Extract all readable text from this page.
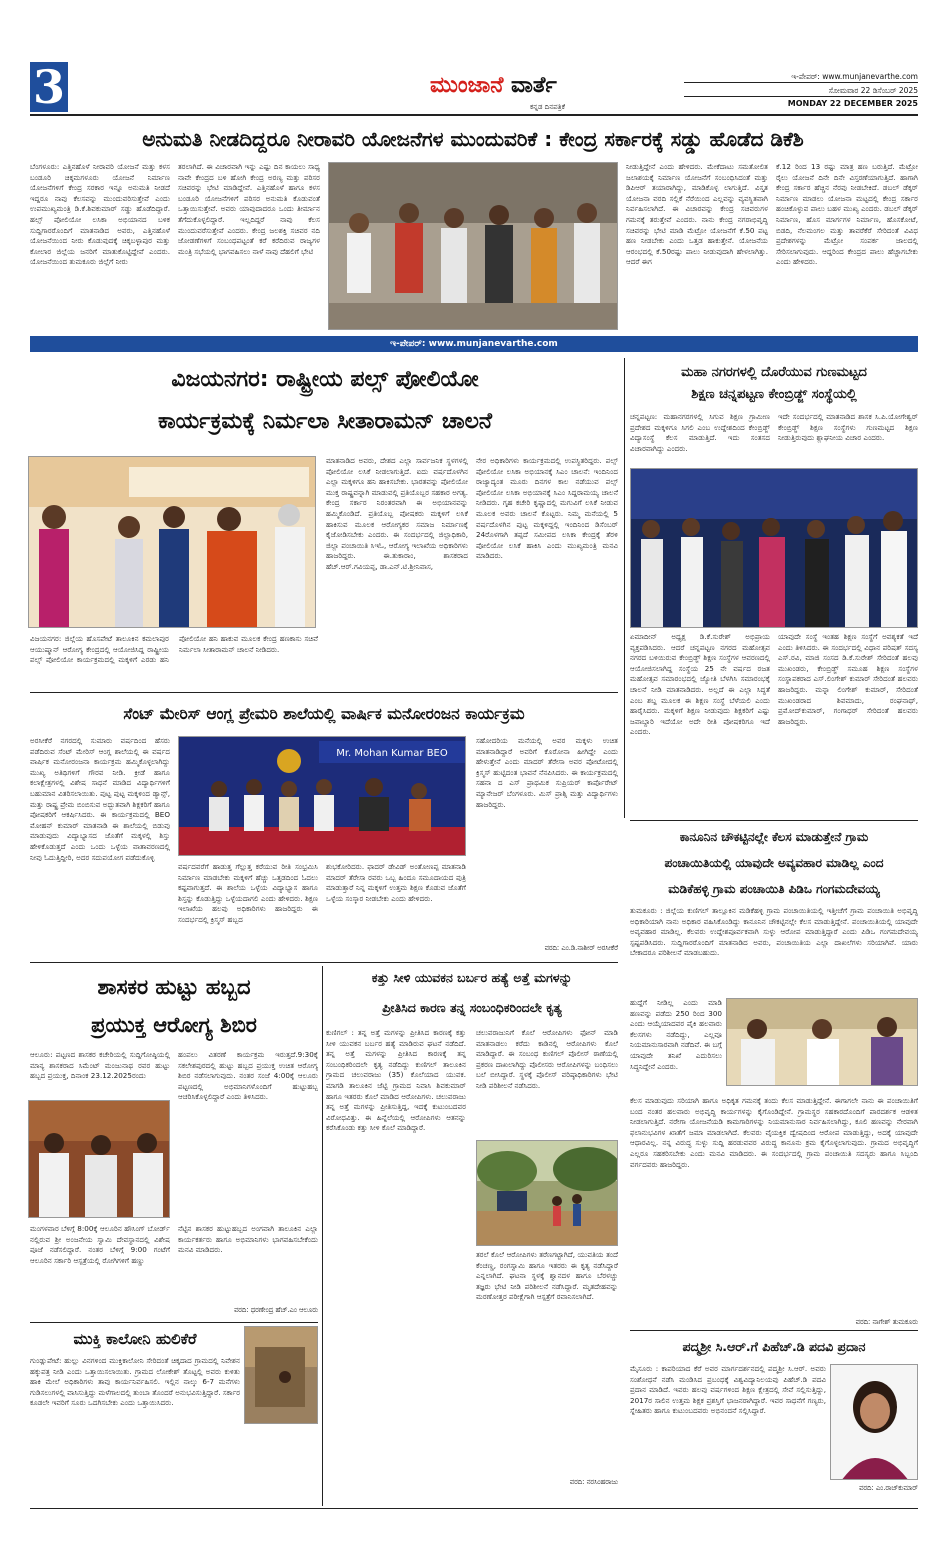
3	ಮುಂಜಾನೆ ವಾರ್ತೆ
ಕನ್ನಡ ದಿನಪತ್ರಿಕೆ
ಇ-ಪೇಪರ್: www.munjanevarthe.com
ಸೋಮವಾರ 22 ಡಿಸೆಂಬರ್ 2025
MONDAY 22 DECEMBER 2025
ಅನುಮತಿ ನೀಡದಿದ್ದರೂ ನೀರಾವರಿ ಯೋಜನೆಗಳ ಮುಂದುವರಿಕೆ : ಕೇಂದ್ರ ಸರ್ಕಾರಕ್ಕೆ ಸಡ್ಡು ಹೊಡೆದ ಡಿಕೆಶಿ
ಬೆಂಗಳೂರು: ಎತ್ತಿನಹೊಳೆ ನೀರಾವರಿ ಯೋಜನೆ ಮತ್ತು ಕಳಸ ಬಂಡೂರಿ ಚಿಕ್ಕಮಗಳೂರು ಯೋಜನೆ ನಿರ್ಮಾಣ ಯೋಜನೆಗಳಿಗೆ ಕೇಂದ್ರ ಸರಕಾರ ಇನ್ನೂ ಅನುಮತಿ ನೀಡದೆ ಇದ್ದರೂ ನಾವು ಕೆಲಸವನ್ನು ಮುಂದುವರಿಸುತ್ತೇವೆ ಎಂದು ಉಪಮುಖ್ಯಮಂತ್ರಿ ಡಿ.ಕೆ.ಶಿವಕುಮಾರ್ ಸಡ್ಡು ಹೊಡೆದಿದ್ದಾರೆ. ಹಲ್ಸ್ ಪೋಲಿಯೋ ಲಸಿಕಾ ಅಭಿಯಾನದ ಬಳಿಕ ಸುದ್ದಿಗಾರರೊಂದಿಗೆ ಮಾತನಾಡಿದ ಅವರು, ಎತ್ತಿನಹೊಳೆ ಯೋಜನೆಯಿಂದ ನೀರು ಕೊಡುವುದಕ್ಕೆ ಚಿಕ್ಕಬಳ್ಳಾಪುರ ಮತ್ತು ಕೋಲಾರ ಜಿಲ್ಲೆಯ ಜನರಿಗೆ ಮಾತುಕೊಟ್ಟಿದ್ದೇವೆ ಎಂದರು. ಯೋಜನೆಯಿಂದ ತುಮಕೂರು ಜಿಲ್ಲೆಗೆ ನೀರು
ತರಲಾಗಿದೆ. ಈ ವಿಚಾರವಾಗಿ ಇನ್ನು ಎಷ್ಟು ದಿನ ಕಾಯಲು ಸಾಧ್ಯ ನಾವೇ ಕೇಂದ್ರದ ಬಳಿ ಹೋಗಿ ಕೇಂದ್ರ ಅರಣ್ಯ ಮತ್ತು ಪರಿಸರ ಸಚಿವರನ್ನು ಭೇಟಿ ಮಾಡಿದ್ದೇವೆ. ಎತ್ತಿನಹೊಳೆ ಹಾಗೂ ಕಳಸ ಬಂಡೂರಿ ಯೋಜನೆಗಳಿಗೆ ಪರಿಸರ ಅನುಮತಿ ಕೊಡುವಂತೆ ಒತ್ತಾಯಿಸುತ್ತೇವೆ. ಅವರು ಯಾವುದಾದರೂ ಒಂದು ತೀರ್ಮಾನ ತೆಗೆದುಕೊಳ್ಳಲಿದ್ದಾರೆ. ಇಲ್ಲದಿದ್ದರೆ ನಾವು ಕೆಲಸ ಮುಂದುವರೆಸುತ್ತೇವೆ ಎಂದರು. ಕೇಂದ್ರ ಜಲಶಕ್ತಿ ಸಚಿವರ ನದಿ ಜೋಡಣೆಗಳಿಗೆ ಸಂಬಂಧಪಟ್ಟಂತೆ ಕರೆ ಕರೆದಿರುವ ರಾಜ್ಯಗಳ ಮಂತ್ರಿ ಸಭೆಯಲ್ಲಿ ಭಾಗವಹಿಸಲು ನಾಳೆ ನಾವು ದೆಹಲಿಗೆ ಭೇಟಿ
ನೀಡುತ್ತಿದ್ದೇನೆ ಎಂದು ಹೇಳಿದರು. ಮೇಕೆದಾಟು ಸಮತೋಲಿತ ಜಲಾಶಯಕ್ಕೆ ನಿರ್ಮಾಣ ಯೋಜನೆಗೆ ಸಂಬಂಧಿಸಿದಂತೆ ಮತ್ತು ಡಿಪಿಆರ್ ತಯಾರಾಗಿದ್ದು, ಮಾಡಿಕೊಳ್ಳ ಲಾಗುತ್ತಿದೆ. ವಿಸ್ತೃತ ಯೋಜನಾ ವರದಿ ಸಲ್ಲಿಕೆ ನೆರೆಯಿಂದ ಎಲ್ಲವನ್ನು ವ್ಯವಸ್ಥಿತವಾಗಿ ನಿರ್ವಹಿಸಲಾಗಿದೆ. ಈ ವಿಚಾರವನ್ನು ಕೇಂದ್ರ ಸಚಿವರುಗಳ ಗಮನಕ್ಕೆ ತರುತ್ತೇವೆ ಎಂದರು. ನಾನು ಕೇಂದ್ರ ನಗರಾಭಿವೃದ್ಧಿ ಸಚಿವರನ್ನು ಭೇಟಿ ಮಾಡಿ ಮೆಟ್ರೋ ಯೋಜನೆಗೆ ಕೆ.50 ಪಟ್ಟ ಹಣ ನೀಡಬೇಕು ಎಂದು ಒತ್ತಡ ಹಾಕುತ್ತೇನೆ. ಯೋಜನೆಯ ಆರಂಭದಲ್ಲಿ ಕೆ.50ರಷ್ಟು ಪಾಲು ನೀಡುವುದಾಗಿ ಹೇಳಲಾಗಿತ್ತು. ಆದರೆ ಈಗ
ಕೆ.12 ರಿಂದ 13 ರಷ್ಟು ಮಾತ್ರ ಹಣ ಬರುತ್ತಿದೆ. ಮೆಟ್ರೋ ರೈಲು ಯೋಜನೆ ದಿನೇ ದಿನೇ ವಿಸ್ತರಣೆಯಾಗುತ್ತಿದೆ. ಹಾಗಾಗಿ ಕೇಂದ್ರ ಸರ್ಕಾರ ಹೆಚ್ಚಿನ ನೆರವು ನೀಡಬೇಕಿದೆ. ಡಬಲ್ ಡೆಕ್ಕರ್ ನಿರ್ಮಾಣ ಮಾಡಲು ಯೋಜನಾ ಮಟ್ಟದಲ್ಲಿ ಕೇಂದ್ರ ಸರ್ಕಾರ ಹಂಚಿಕೊಳ್ಳುವ ಪಾಲು ಬಹಳ ಮುಖ್ಯ ಎಂದರು. ಡಬಲ್ ಡೆಕ್ಕರ್ ನಿರ್ಮಾಣ, ಹೊಸ ಮಾರ್ಗಗಳ ನಿರ್ಮಾಣ, ಹೊಸಕೋಟೆ, ಬಿಡದಿ, ನೆಲಮಂಗಲ ಮತ್ತು ತಾವರೆಕೆರೆ ಸೇರಿದಂತೆ ವಿವಿಧ ಪ್ರದೇಶಗಳನ್ನು ಮೆಟ್ರೋ ಸಂಪರ್ಕ ಜಾಲದಲ್ಲಿ ಸೇರಿಸಲಾಗುವುದು. ಆದ್ದರಿಂದ ಕೇಂದ್ರದ ಪಾಲು ಹೆಚ್ಚಾಗಬೇಕು ಎಂದು ಹೇಳಿದರು.
ಇ-ಪೇಪರ್: www.munjanevarthe.com
ವಿಜಯನಗರ: ರಾಷ್ಟ್ರೀಯ ಪಲ್ಸ್ ಪೋಲಿಯೋ
ಕಾರ್ಯಕ್ರಮಕ್ಕೆ ನಿರ್ಮಲಾ ಸೀತಾರಾಮನ್ ಚಾಲನೆ
ಮಾತನಾಡಿದ ಅವರು, ದೇಶದ ಎಲ್ಲಾ ಸಾರ್ವಜನಿಕ ಸ್ಥಳಗಳಲ್ಲಿ ಪೋಲಿಯೋ ಲಸಿಕೆ ನೀಡಲಾಗುತ್ತಿದೆ. ಐದು ವರ್ಷದೊಳಗಿನ ಎಲ್ಲಾ ಮಕ್ಕಳಿಗೂ ಹನಿ ಹಾಕಿಸಬೇಕು. ಭಾರತವನ್ನು ಪೋಲಿಯೋ ಮುಕ್ತ ರಾಷ್ಟ್ರವನ್ನಾಗಿ ಮಾಡುವಲ್ಲಿ ಪ್ರತಿಯೊಬ್ಬರ ಸಹಕಾರ ಅಗತ್ಯ. ಕೇಂದ್ರ ಸರ್ಕಾರ ನಿರಂತರವಾಗಿ ಈ ಅಭಿಯಾನವನ್ನು ಹಮ್ಮಿಕೊಂಡಿದೆ. ಪ್ರತಿಯೊಬ್ಬ ಪೋಷಕರು ಮಕ್ಕಳಿಗೆ ಲಸಿಕೆ ಹಾಕಿಸುವ ಮೂಲಕ ಆರೋಗ್ಯಕರ ಸಮಾಜ ನಿರ್ಮಾಣಕ್ಕೆ ಕೈಜೋಡಿಸಬೇಕು ಎಂದರು. ಈ ಸಂದರ್ಭದಲ್ಲಿ ಜಿಲ್ಲಾಧಿಕಾರಿ, ಜಿಲ್ಲಾ ಪಂಚಾಯಿತಿ ಸಿಇಓ, ಆರೋಗ್ಯ ಇಲಾಖೆಯ ಅಧಿಕಾರಿಗಳು ಹಾಜರಿದ್ದರು. ಈ.ತುಕಾರಾಂ, ಶಾಸಕರಾದ ಹೆಚ್.ಆರ್.ಗವಿಯಪ್ಪ, ಡಾ.ಎನ್.ಟಿ.ಶ್ರೀನಿವಾಸ,
ನೇರ ಅಧಿಕಾರಿಗಳು ಕಾರ್ಯಕ್ರಮದಲ್ಲಿ ಉಪಸ್ಥಿತರಿದ್ದರು. ಪಲ್ಸ್ ಪೋಲಿಯೋ ಲಸಿಕಾ ಅಭಿಯಾನಕ್ಕೆ ಸಿಎಂ ಚಾಲನೆ: ಇಂದಿನಿಂದ ರಾಜ್ಯಾದ್ಯಂತ ಮೂರು ದಿನಗಳ ಕಾಲ ನಡೆಯುವ ಪಲ್ಸ್ ಪೋಲಿಯೋ ಲಸಿಕಾ ಅಭಿಯಾನಕ್ಕೆ ಸಿಎಂ ಸಿದ್ದರಾಮಯ್ಯ ಚಾಲನೆ ನೀಡಿದರು. ಗೃಹ ಕಚೇರಿ ಕೃಷ್ಣಾದಲ್ಲಿ ಮಗುವಿಗೆ ಲಸಿಕೆ ನೀಡುವ ಮೂಲಕ ಅವರು ಚಾಲನೆ ಕೊಟ್ಟರು. ನಿಮ್ಮ ಮನೆಯಲ್ಲಿ 5 ವರ್ಷದೊಳಗಿನ ಪುಟ್ಟ ಮಕ್ಕಳಿದ್ದಲ್ಲಿ ಇಂದಿನಿಂದ ಡಿಸೆಂಬರ್ 24ರೊಳಗಾಗಿ ತಪ್ಪದೆ ಸಮೀಪದ ಲಸಿಕಾ ಕೇಂದ್ರಕ್ಕೆ ತೆರಳಿ ಪೋಲಿಯೋ ಲಸಿಕೆ ಹಾಕಿಸಿ ಎಂದು ಮುಖ್ಯಮಂತ್ರಿ ಮನವಿ ಮಾಡಿದರು.
ವಿಜಯನಗರ: ಜಿಲ್ಲೆಯ ಹೊಸಪೇಟೆ ತಾಲೂಕಿನ ಕಮಲಾಪುರ ಆಯುಷ್ಮಾನ್ ಆರೋಗ್ಯ ಕೇಂದ್ರದಲ್ಲಿ ಆಯೋಜಿಸಿದ್ದ ರಾಷ್ಟ್ರೀಯ ಪಲ್ಸ್ ಪೋಲಿಯೋ ಕಾರ್ಯಕ್ರಮದಲ್ಲಿ ಮಕ್ಕಳಿಗೆ ಎರಡು ಹನಿ ಪೋಲಿಯೋ ಹನಿ ಹಾಕುವ ಮೂಲಕ ಕೇಂದ್ರ ಹಣಕಾಸು ಸಚಿವೆ ನಿರ್ಮಲಾ ಸೀತಾರಾಮನ್ ಚಾಲನೆ ನೀಡಿದರು.
ಮಹಾ ನಗರಗಳಲ್ಲಿ ದೊರೆಯುವ ಗುಣಮಟ್ಟದ
ಶಿಕ್ಷಣ ಚನ್ನಪಟ್ಟಣ ಕೇಂಬ್ರಿಡ್ಜ್ ಸಂಸ್ಥೆಯಲ್ಲಿ
ಚನ್ನಪಟ್ಟಣ: ಮಹಾನಗರಗಳಲ್ಲಿ ಸಿಗುವ ಶಿಕ್ಷಣ ಗ್ರಾಮೀಣ ಪ್ರದೇಶದ ಮಕ್ಕಳಿಗೂ ಸಿಗಲಿ ಎಂಬ ಉದ್ದೇಶದಿಂದ ಕೇಂಬ್ರಿಡ್ಜ್ ವಿದ್ಯಾಸಂಸ್ಥೆ ಕೆಲಸ ಮಾಡುತ್ತಿದೆ. ಇದು ಸಂತಸದ ವಿಚಾರವಾಗಿದ್ದು ಎಂದರು.
ಇದೇ ಸಂದರ್ಭದಲ್ಲಿ ಮಾತನಾಡಿದ ಶಾಸಕ ಸಿ.ಪಿ.ಯೋಗೇಶ್ವರ್ ಕೇಂಬ್ರಿಡ್ಜ್ ಶಿಕ್ಷಣ ಸಂಸ್ಥೆಗಳು ಗುಣಮಟ್ಟದ ಶಿಕ್ಷಣ ನೀಡುತ್ತಿರುವುದು ಶ್ಲಾಘನೀಯ ವಿಚಾರ ಎಂದರು.
ಏಮಾದೀನ್ ಅಧ್ಯಕ್ಷ ಡಿ.ಕೆ.ಸುರೇಶ್ ಅಭಿಪ್ರಾಯ ವ್ಯಕ್ತಪಡಿಸಿದರು. ಆದರೆ ಚನ್ನಪಟ್ಟಣ ನಗರದ ಮಹೋತ್ಸವ ನಗರದ ಬಳಿಯಿರುವ ಕೇಂಬ್ರಿಡ್ಜ್ ಶಿಕ್ಷಣ ಸಂಸ್ಥೆಗಳ ಆವರಣದಲ್ಲಿ ಆಯೋಜಿಸಲಾಗಿದ್ದ ಸಂಸ್ಥೆಯ 25 ನೇ ವರ್ಷದ ರಜತ ಮಹೋತ್ಸವ ಸಮಾರಂಭದಲ್ಲಿ ಜ್ಯೋತಿ ಬೆಳಗಿಸಿ ಸಮಾರಂಭಕ್ಕೆ ಚಾಲನೆ ನೀಡಿ ಮಾತನಾಡಿದರು. ಅಲ್ಲದೆ ಈ ಎಲ್ಲಾ ಸಿದ್ಧತೆ ಎಂಬ ಶಬ್ದ ಮೂಲಕ ಈ ಶಿಕ್ಷಣ ಸಂಸ್ಥೆ ಬೆಳೆಯಲಿ ಎಂದು ಹಾರೈಸಿದರು. ಮಕ್ಕಳಿಗೆ ಶಿಕ್ಷಣ ನೀಡುವುದು ಶಿಕ್ಷಕರಿಗೆ ಎಷ್ಟು ಜವಾಬ್ದಾರಿ ಇದೆಯೋ ಅದೇ ರೀತಿ ಪೋಷಕರಿಗೂ ಇದೆ ಎಂದರು.
ಯಾವುದೇ ಸಂಸ್ಥೆ ಇಂತಹ ಶಿಕ್ಷಣ ಸಂಸ್ಥೆಗೆ ಅವಶ್ಯಕತೆ ಇದೆ ಎಂದು ತಿಳಿಸಿದರು. ಈ ಸಂದರ್ಭದಲ್ಲಿ ವಿಧಾನ ಪರಿಷತ್ ಸದಸ್ಯ ಎಸ್.ರವಿ, ಮಾಜಿ ಸಂಸದ ಡಿ.ಕೆ.ಸುರೇಶ್ ಸೇರಿದಂತೆ ಹಲವು ಮುಖಂಡರು, ಕೇಂಬ್ರಿಡ್ಜ್ ಸಮೂಹ ಶಿಕ್ಷಣ ಸಂಸ್ಥೆಗಳ ಸಂಸ್ಥಾಪಕರಾದ ಎಸ್.ಲಿಂಗೇಶ್ ಕುಮಾರ್ ಸೇರಿದಂತೆ ಹಲವರು ಹಾಜರಿದ್ದರು. ಮನ್ನಾ ಲಿಂಗೇಶ್ ಕುಮಾರ್, ಸೇರಿದಂತೆ ಮುಖಂಡರಾದ ಶಿವಮಾದು, ರಂಘನಾಥ್, ಪ್ರಮೋದ್‌ಕುಮಾರ್, ಗಂಗಾಧರ್ ಸೇರಿದಂತೆ ಹಲವರು ಹಾಜರಿದ್ದರು.
ಸೆಂಟ್ ಮೇರಿಸ್ ಆಂಗ್ಲ ಪ್ರೇಮರಿ ಶಾಲೆಯಲ್ಲಿ ವಾರ್ಷಿಕ ಮನೋರಂಜನ ಕಾರ್ಯಕ್ರಮ
ಅರಸೀಕೆರೆ ನಗರದಲ್ಲಿ ಸುಮಾರು ವರ್ಷದಿಂದ ಹೆಸರು ಪಡೆದಿರುವ ಸೆಂಟ್ ಮೇರಿಸ್ ಆಂಗ್ಲ ಶಾಲೆಯಲ್ಲಿ ಈ ವರ್ಷದ ವಾರ್ಷಿಕ ಮನೋರಂಜನಾ ಕಾರ್ಯಕ್ರಮ ಹಮ್ಮಿಕೊಳ್ಳಲಾಗಿದ್ದು ಮುಖ್ಯ ಅತಿಥಿಗಳಿಗೆ ಗೌರವ ನೀಡಿ. ಕ್ರೀಡೆ ಹಾಗೂ ಕಲಾಕ್ಷೇತ್ರಗಳಲ್ಲಿ ವಿಶೇಷ ಸಾಧನೆ ಮಾಡಿದ ವಿದ್ಯಾರ್ಥಿಗಳಿಗೆ ಬಹುಮಾನ ವಿತರಿಸಲಾಯಿತು. ಪುಟ್ಟ ಪುಟ್ಟ ಮಕ್ಕಳಿಂದ ಡ್ಯಾನ್ಸ್, ಮತ್ತು ರಾಷ್ಟ್ರ ಪ್ರೇಮ ಬಿಂಬಿಸುವ ಅದ್ಭುತವಾಗಿ ಶಿಕ್ಷಕರಿಗೆ ಹಾಗೂ ಪೋಷಕರಿಗೆ ಆಕರ್ಷಿಸಿದರು. ಈ ಕಾರ್ಯಕ್ರಮದಲ್ಲಿ BEO ಮೋಹನ್ ಕುಮಾರ್ ಮಾತನಾಡಿ ಈ ಶಾಲೆಯಲ್ಲಿ ಬಿಡುವು ಮಾಡುವುದು ವಿದ್ಯಾಭ್ಯಾಸದ ಜೊತೆಗೆ ಮಕ್ಕಳಲ್ಲಿ ಶಿಸ್ತು ಹೇಳಿಕೊಡುತ್ತದೆ ಎಂದು ಒಂದು ಒಳ್ಳೆಯ ವಾತಾವರಣದಲ್ಲಿ ನೀವು ಓದುತ್ತಿದ್ದೀರಿ, ಅದರ ಸದುಪಯೋಗ ಪಡೆದುಕೊಳ್ಳಿ
Mr. Mohan Kumar BEO
ವರ್ಷದವರೆಗೆ ಹಾಡುತ್ತ ಗೆಲ್ಲುತ್ತ ಕರೆಯುವ ರೀತಿ ಸಂಭ್ರಮಿಸಿ ನಿರ್ಮಾಣ ಮಾಡಬೇಕು ಮಕ್ಕಳಿಗೆ ಹೆಚ್ಚು ಒತ್ತಡದಿಂದ ಓದಲು ಕಷ್ಟವಾಗುತ್ತದೆ. ಈ ಶಾಲೆಯ ಒಳ್ಳೆಯ ವಿದ್ಯಾಭ್ಯಾಸ ಹಾಗೂ ಶಿಸ್ತನ್ನು ಕೊಡುತ್ತಿದ್ದು ಒಳ್ಳೆಯದಾಗಲಿ ಎಂದು ಹೇಳಿದರು. ಶಿಕ್ಷಣ ಇಲಾಖೆಯ ಹಲವು ಅಧಿಕಾರಿಗಳು ಹಾಜರಿದ್ದರು ಈ ಸಂದರ್ಭದಲ್ಲಿ ಕ್ರಿಸ್ಮಸ್ ಹಬ್ಬದ
ಶುಭಕೋರಿದರು. ಫಾದರ್ ಡೇವಿಡ್ ಅಂತೋಣಪ್ಪ ಮಾತನಾಡಿ ಮಾದರ್ ತೆರೇಸಾ ರವರು ಒಬ್ಬ ಹಿಂದೂ ಸಮೂದಾಯದ ಪುತ್ರಿ ಮಾಡುತ್ತಾರೆ ನಿನ್ನ ಮಕ್ಕಳಿಗೆ ಉತ್ತಮ ಶಿಕ್ಷಣ ಕೊಡುವ ಜೊತೆಗೆ ಒಳ್ಳೆಯ ಸಂಸ್ಕಾರ ನೀಡಬೇಕು ಎಂದು ಹೇಳಿದರು.
ಸಹೋದರಿಯ ಮನೆಯಲ್ಲಿ ಅವರ ಮಕ್ಕಳು ಉಚಿತ ಮಾತನಾಡಿದ್ದಾರೆ ಅವರಿಗೆ ಕೊರೋನಾ ಹೀಗಿದ್ದೇ ಎಂದು ಹೇಳುತ್ತೇನೆ ಎಂದು ಮಾದರ್ ತೆರೇಸಾ ಅವರ ಪೋಟೋದಲ್ಲಿ ಕ್ರಿಸ್ಮಸ್ ಹುಟ್ಟಿದಂತ ಭಾವನೆ ನೆನಪಿಸಿದರು. ಈ ಕಾರ್ಯಕ್ರಮದಲ್ಲಿ ಸಹನಾ ದ ಎಸ್ ಪ್ರಾಥಮಿಕ ಸುಪ್ರಿಯರ್ ಕಾರ್ಪೊರೇಟ್ ಮ್ಯಾನೇಜರ್ ಬೆಂಗಳೂರು. ಮಿಸ್ ಪ್ರಾಶ್ಸಿ ಮತ್ತು ವಿದ್ಯಾರ್ಥಿಗಳು ಹಾಜರಿದ್ದರು.
ವರದಿ: ಎಂ.ಡಿ.ನಾಶೀರ್ ಅರಸೀಕೆರೆ
ಕಾನೂನಿನ ಚೌಕಟ್ಟಿನಲ್ಲೇ ಕೆಲಸ ಮಾಡುತ್ತೇನೆ ಗ್ರಾಮ
ಪಂಚಾಯಿತಿಯಲ್ಲಿ ಯಾವುದೇ ಅವ್ಯವಹಾರ ಮಾಡಿಲ್ಲ ಎಂದ
ಮಡಿಕೆಹಳ್ಳಿ ಗ್ರಾಮ ಪಂಚಾಯಿತಿ ಪಿಡಿಒ ಗಂಗಮದೇವಯ್ಯ
ತುಮಕೂರು : ಜಿಲ್ಲೆಯ ಕುಣಿಗಲ್ ತಾಲ್ಲೂಕಿನ ಮಡಿಕೆಹಳ್ಳಿ ಗ್ರಾಮ ಪಂಚಾಯಿತಿಯಲ್ಲಿ ಇತ್ತೀಚೆಗೆ ಗ್ರಾಮ ಪಂಚಾಯಿತಿ ಅಭಿವೃದ್ಧಿ ಅಧಿಕಾರಿಯಾಗಿ ನಾನು ಅಧಿಕಾರ ವಹಿಸಿಕೊಂಡಿದ್ದು ಕಾನೂನಿನ ಚೌಕಟ್ಟಿನಲ್ಲೇ ಕೆಲಸ ಮಾಡುತ್ತಿದ್ದೇನೆ. ಪಂಚಾಯಿತಿಯಲ್ಲಿ ಯಾವುದೇ ಅವ್ಯವಹಾರ ಮಾಡಿಲ್ಲ. ಕೆಲವರು ಉದ್ದೇಶಪೂರ್ವಕವಾಗಿ ಸುಳ್ಳು ಆರೋಪ ಮಾಡುತ್ತಿದ್ದಾರೆ ಎಂದು ಪಿಡಿಒ ಗಂಗಮದೇವಯ್ಯ ಸ್ಪಷ್ಟಪಡಿಸಿದರು. ಸುದ್ದಿಗಾರರೊಂದಿಗೆ ಮಾತನಾಡಿದ ಅವರು, ಪಂಚಾಯಿತಿಯ ಎಲ್ಲಾ ದಾಖಲೆಗಳು ಸರಿಯಾಗಿವೆ. ಯಾರು ಬೇಕಾದರೂ ಪರಿಶೀಲನೆ ಮಾಡಬಹುದು.
ಹುದ್ದೆಗೆ ನೀಡಿಲ್ಲ ಎಂದು ಮಾಡಿ ಹಣವನ್ನು ಪಡೆದು 250 ರಿಂದ 300 ಎಂದು ಆಯ್ಕೆಯಾದವರ ಪೈಕಿ ಹಲವಾರು ಕೆಲಸಗಳು ನಡೆದಿದ್ದು, ಎಲ್ಲವೂ ನಿಯಮಾನುಸಾರವಾಗಿ ನಡೆದಿವೆ. ಈ ಬಗ್ಗೆ ಯಾವುದೇ ತನಿಖೆ ಎದುರಿಸಲು ಸಿದ್ಧನಿದ್ದೇನೆ ಎಂದರು.
ಕೆಲಸ ಮಾಡುವುದು ಸರಿಯಾಗಿ ಹಾಗೂ ಅಧಿಕೃತ ಗಮನಕ್ಕೆ ತಂದು ಕೆಲಸ ಮಾಡುತ್ತಿದ್ದೇನೆ. ಈಗಾಗಲೇ ನಾನು ಈ ಪಂಚಾಯಿತಿಗೆ ಬಂದ ನಂತರ ಹಲವಾರು ಅಭಿವೃದ್ಧಿ ಕಾರ್ಯಗಳನ್ನು ಕೈಗೊಂಡಿದ್ದೇನೆ. ಗ್ರಾಮಸ್ಥರ ಸಹಕಾರದೊಂದಿಗೆ ಪಾರದರ್ಶಕ ಆಡಳಿತ ನೀಡಲಾಗುತ್ತಿದೆ. ನರೇಗಾ ಯೋಜನೆಯಡಿ ಕಾಮಗಾರಿಗಳನ್ನು ನಿಯಮಾನುಸಾರ ನಿರ್ವಹಿಸಲಾಗಿದ್ದು, ಕೂಲಿ ಹಣವನ್ನು ನೇರವಾಗಿ ಫಲಾನುಭವಿಗಳ ಖಾತೆಗೆ ಜಮಾ ಮಾಡಲಾಗಿದೆ. ಕೆಲವರು ವೈಯಕ್ತಿಕ ದ್ವೇಷದಿಂದ ಆರೋಪ ಮಾಡುತ್ತಿದ್ದು, ಅದಕ್ಕೆ ಯಾವುದೇ ಆಧಾರವಿಲ್ಲ. ನನ್ನ ವಿರುದ್ಧ ಸುಳ್ಳು ಸುದ್ದಿ ಹರಡುವವರ ವಿರುದ್ಧ ಕಾನೂನು ಕ್ರಮ ಕೈಗೊಳ್ಳಲಾಗುವುದು. ಗ್ರಾಮದ ಅಭಿವೃದ್ಧಿಗೆ ಎಲ್ಲರೂ ಸಹಕರಿಸಬೇಕು ಎಂದು ಮನವಿ ಮಾಡಿದರು. ಈ ಸಂದರ್ಭದಲ್ಲಿ ಗ್ರಾಮ ಪಂಚಾಯಿತಿ ಸದಸ್ಯರು ಹಾಗೂ ಸಿಬ್ಬಂದಿ ವರ್ಗದವರು ಹಾಜರಿದ್ದರು.
ವರದಿ: ನಾಗೇಶ್ ತುಮಕೂರು
ಶಾಸಕರ ಹುಟ್ಟು ಹಬ್ಬದ
ಪ್ರಯುಕ್ತ ಆರೋಗ್ಯ ಶಿಬಿರ
ಆಲೂರು: ಪಟ್ಟಣದ ಶಾಸಕರ ಕಚೇರಿಯಲ್ಲಿ ಸುದ್ದಿಗೋಷ್ಠಿಯಲ್ಲಿ ಮಾನ್ಯ ಶಾಸಕರಾದ ಸಿಮೆಂಟ್ ಮಂಜುನಾಥ ರವರ ಹುಟ್ಟು ಹಬ್ಬದ ಪ್ರಯುಕ್ತ, ದಿನಾಂಕ 23.12.2025ರಂದು
ಹಂಪಲು ವಿತರಣೆ ಕಾರ್ಯಕ್ರಮ ಇರುತ್ತದೆ.9:30ಕ್ಕೆ ಸಕಲೇಶಪುರದಲ್ಲಿ ಹುಟ್ಟು ಹಬ್ಬದ ಪ್ರಯುಕ್ತ ಉಚಿತ ಆರೋಗ್ಯ ಶಿಬಿರ ನಡೆಸಲಾಗುವುದು. ನಂತರ ಸಂಜೆ 4:00ಕ್ಕೆ ಆಲೂರು ಪಟ್ಟಣದಲ್ಲಿ ಅಭಿಮಾನಿಗಳೊಂದಿಗೆ ಹುಟ್ಟುಹಬ್ಬ ಆಚರಿಸಿಕೊಳ್ಳಲಿದ್ದಾರೆ ಎಂದು ತಿಳಿಸಿದರು.
ಮಂಗಳವಾರ ಬೆಳಿಗ್ಗೆ 8:00ಕ್ಕೆ ಆಲೂರಿನ ಹೌಸಿಂಗ್ ಬೋರ್ಡ್ ನಲ್ಲಿರುವ ಶ್ರೀ ಅಂಜನೇಯ ಸ್ವಾಮಿ ದೇವಸ್ಥಾನದಲ್ಲಿ ವಿಶೇಷ ಪೂಜೆ ನಡೆಸಲಿದ್ದಾರೆ. ನಂತರ ಬೆಳಿಗ್ಗೆ 9:00 ಗಂಟೆಗೆ ಆಲೂರಿನ ಸರ್ಕಾರಿ ಆಸ್ಪತ್ರೆಯಲ್ಲಿ ರೋಗಿಗಳಿಗೆ ಹಣ್ಣು
ನೆಟ್ಟಿನ ಶಾಸಕರ ಹುಟ್ಟುಹಬ್ಬದ ಅಂಗವಾಗಿ ತಾಲೂಕಿನ ಎಲ್ಲಾ ಕಾರ್ಯಕರ್ತರು ಹಾಗೂ ಅಭಿಮಾನಿಗಳು ಭಾಗವಹಿಸಬೇಕೆಂದು ಮನವಿ ಮಾಡಿದರು.
ವರದಿ: ಧರಣೇಂದ್ರ ಹೆಚ್.ಎಂ ಆಲೂರು
ಕತ್ತು ಸೀಳಿ ಯುವಕನ ಬರ್ಬರ ಹತ್ಯೆ ಅತ್ತೆ ಮಗಳನ್ನು
ಪ್ರೀತಿಸಿದ ಕಾರಣ ತನ್ನ ಸಂಬಂಧಿಕರಿಂದಲೇ ಕೃತ್ಯ
ಕುಣಿಗಲ್ : ತನ್ನ ಅತ್ತೆ ಮಗಳನ್ನು ಪ್ರೀತಿಸಿದ ಕಾರಣಕ್ಕೆ ಕತ್ತು ಸೀಳಿ ಯುವಕನ ಬರ್ಬರ ಹತ್ಯೆ ಮಾಡಿರುವ ಘಟನೆ ನಡೆದಿದೆ. ತನ್ನ ಅತ್ತೆ ಮಗಳನ್ನು ಪ್ರೀತಿಸಿದ ಕಾರಣಕ್ಕೆ ತನ್ನ ಸಂಬಂಧಿಕರಿಂದಲೇ ಕೃತ್ಯ ನಡೆದಿದ್ದು ಕುಣಿಗಲ್ ತಾಲೂಕಿನ ಗ್ರಾಮದ ಚಲುವರಾಜು (35) ಕೊಲೆಯಾದ ಯುವಕ. ಮಾಗಡಿ ತಾಲೂಕಿನ ಜೆಟ್ಟಿ ಗ್ರಾಮದ ನಿವಾಸಿ ಶಿವಕುಮಾರ್ ಹಾಗೂ ಇತರರು ಕೊಲೆ ಮಾಡಿದ ಆರೋಪಿಗಳು. ಚಲುವರಾಜು ತನ್ನ ಅತ್ತೆ ಮಗಳನ್ನು ಪ್ರೀತಿಸುತ್ತಿದ್ದ, ಇದಕ್ಕೆ ಕುಟುಂಬದವರ ವಿರೋಧವಿತ್ತು. ಈ ಹಿನ್ನೆಲೆಯಲ್ಲಿ ಆರೋಪಿಗಳು ಆತನನ್ನು ಕರೆಸಿಕೊಂಡು ಕತ್ತು ಸೀಳಿ ಕೊಲೆ ಮಾಡಿದ್ದಾರೆ.
ಚಲುವರಾಜುನಿಗೆ ಕೊಲೆ ಆರೋಪಿಗಳು ಫೋನ್ ಮಾಡಿ ಮಾತನಾಡಲು ಕರೆದು ಕಾಡಿನಲ್ಲಿ ಆರೋಪಿಗಳು ಕೊಲೆ ಮಾಡಿದ್ದಾರೆ. ಈ ಸಂಬಂಧ ಕುಣಿಗಲ್ ಪೊಲೀಸ್ ಠಾಣೆಯಲ್ಲಿ ಪ್ರಕರಣ ದಾಖಲಾಗಿದ್ದು ಪೊಲೀಸರು ಆರೋಪಿಗಳನ್ನು ಬಂಧಿಸಲು ಬಲೆ ಬೀಸಿದ್ದಾರೆ. ಸ್ಥಳಕ್ಕೆ ಪೊಲೀಸ್ ವರಿಷ್ಠಾಧಿಕಾರಿಗಳು ಭೇಟಿ ನೀಡಿ ಪರಿಶೀಲನೆ ನಡೆಸಿದರು.
ತರಲೆ ಕೊಲೆ ಆರೋಪಿಗಳು ತರೆಣಗಟ್ಟಾಗಿದೆ, ಯುವತಿಯ ತಂದೆ ಕೆಂಚಣ್ಣ, ರಂಗಸ್ವಾಮಿ ಹಾಗೂ ಇತರರು ಈ ಕೃತ್ಯ ನಡೆಸಿದ್ದಾರೆ ಎನ್ನಲಾಗಿದೆ. ಘಟನಾ ಸ್ಥಳಕ್ಕೆ ಶ್ವಾನದಳ ಹಾಗೂ ಬೆರಳಚ್ಚು ತಜ್ಞರು ಭೇಟಿ ನೀಡಿ ಪರಿಶೀಲನೆ ನಡೆಸಿದ್ದಾರೆ. ಮೃತದೇಹವನ್ನು ಮರಣೋತ್ತರ ಪರೀಕ್ಷೆಗಾಗಿ ಆಸ್ಪತ್ರೆಗೆ ರವಾನಿಸಲಾಗಿದೆ.
ವರದಿ: ನರಸಿಂಹರಾಜು
ಮುಕ್ತಿ ಕಾಲೋನಿ ಹುಲಿಕೆರೆ
ಗುಂಡ್ಲುಪೇಟೆ: ಹುಲ್ಲು ವಿನಗಳಿಂದ ಮುಕ್ತಿಕಾಲೋನಿ ಸೇರಿದಂತೆ ಚಿಕ್ಕದಾದ ಗ್ರಾಮದಲ್ಲಿ ನಿವೇಶನ ಹಕ್ಕುಪತ್ರ ನೀಡಿ ಎಂದು ಒತ್ತಾಯಿಸಲಾಯಿತು. ಗ್ರಾಮದ ಲೋಕೇಶ್ ತೊಟ್ಟಲ್ಲಿ ಅವರು ಕುಳಿತು ಹಾಕಿ ಮೇಲೆ ಅಧಿಕಾರಿಗಳು ತಾವು ಕಾರ್ಯನಿರ್ವಹಿಸಲಿ. ಇಲ್ಲಿನ ನಾಲ್ಕು 6-7 ಮನೆಗಳು ಗುಡಿಸಲುಗಳಲ್ಲಿ ವಾಸಿಸುತ್ತಿದ್ದು ಮಳೆಗಾಲದಲ್ಲಿ ತುಂಬಾ ತೊಂದರೆ ಅನುಭವಿಸುತ್ತಿದ್ದಾರೆ. ಸರ್ಕಾರ ಕೂಡಲೇ ಇವರಿಗೆ ಸೂರು ಒದಗಿಸಬೇಕು ಎಂದು ಒತ್ತಾಯಿಸಿದರು.
ಪದ್ಮಶ್ರೀ ಸಿ.ಆರ್.ಗೆ ಪಿಹೆಚ್.ಡಿ ಪದವಿ ಪ್ರದಾನ
ಮೈಸೂರು : ಕಾಪರಿಯಾದ ಕೆರೆ ಅವರ ಮಾರ್ಗದರ್ಶನದಲ್ಲಿ ಪದ್ಮಶ್ರೀ ಸಿ.ಆರ್. ಅವರು ಸಂಶೋಧನೆ ನಡೆಸಿ ಮಂಡಿಸಿದ ಪ್ರಬಂಧಕ್ಕೆ ವಿಶ್ವವಿದ್ಯಾನಿಲಯವು ಪಿಹೆಚ್.ಡಿ ಪದವಿ ಪ್ರದಾನ ಮಾಡಿದೆ. ಇವರು ಹಲವು ವರ್ಷಗಳಿಂದ ಶಿಕ್ಷಣ ಕ್ಷೇತ್ರದಲ್ಲಿ ಸೇವೆ ಸಲ್ಲಿಸುತ್ತಿದ್ದು, 2017ರ ಸಾಲಿನ ಉತ್ತಮ ಶಿಕ್ಷಕ ಪ್ರಶಸ್ತಿಗೆ ಭಾಜನರಾಗಿದ್ದಾರೆ. ಇವರ ಸಾಧನೆಗೆ ಗಣ್ಯರು, ಸ್ನೇಹಿತರು ಹಾಗೂ ಕುಟುಂಬದವರು ಅಭಿನಂದನೆ ಸಲ್ಲಿಸಿದ್ದಾರೆ.
ವರದಿ: ಎಂ.ರಾಜ್‌ಕುಮಾರ್
